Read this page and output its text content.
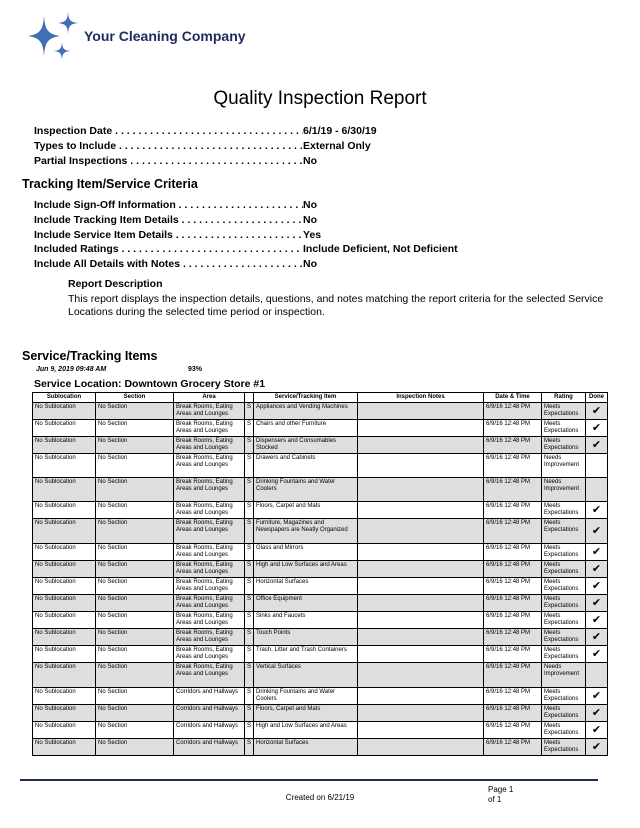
Your Cleaning Company
Quality Inspection Report
Inspection Date . . .	6/1/19 - 6/30/19
Types to Include . . .	External Only
Partial Inspections . . .	No
Tracking Item/Service Criteria
Include Sign-Off Information . . .	No
Include Tracking Item Details . . .	No
Include Service Item Details . . .	Yes
Included Ratings . . .	Include Deficient, Not Deficient
Include All Details with Notes . . .	No
Report Description
This report displays the inspection details, questions, and notes matching the report criteria for the selected Service Locations during the selected time period or inspection.
Service/Tracking Items
Jun 9, 2019 09:48 AM	93%
Service Location: Downtown Grocery Store #1
Sublocation	Section	Area		Service/Tracking Item	Inspection Notes	Date & Time	Rating	Done
No Sublocation	No Section	Break Rooms, Eating Areas and Lounges	S	Appliances and Vending Machines		6/9/16 12:48 PM	Meets Expectations	✔
No Sublocation	No Section	Break Rooms, Eating Areas and Lounges	S	Chairs and other Furniture		6/9/16 12:48 PM	Meets Expectations	✔
No Sublocation	No Section	Break Rooms, Eating Areas and Lounges	S	Dispensers and Consumables Stocked		6/9/16 12:48 PM	Meets Expectations	✔
No Sublocation	No Section	Break Rooms, Eating Areas and Lounges	S	Drawers and Cabinets		6/9/16 12:48 PM	Needs Improvement	
No Sublocation	No Section	Break Rooms, Eating Areas and Lounges	S	Drinking Fountains and Water Coolers		6/9/16 12:48 PM	Needs Improvement	
No Sublocation	No Section	Break Rooms, Eating Areas and Lounges	S	Floors, Carpet and Mats		6/9/16 12:48 PM	Meets Expectations	✔
No Sublocation	No Section	Break Rooms, Eating Areas and Lounges	S	Furniture, Magazines and Newspapers are Neatly Organized		6/9/16 12:48 PM	Meets Expectations	✔
No Sublocation	No Section	Break Rooms, Eating Areas and Lounges	S	Glass and Mirrors		6/9/16 12:48 PM	Meets Expectations	✔
No Sublocation	No Section	Break Rooms, Eating Areas and Lounges	S	High and Low Surfaces and Areas		6/9/16 12:48 PM	Meets Expectations	✔
No Sublocation	No Section	Break Rooms, Eating Areas and Lounges	S	Horizontal Surfaces		6/9/16 12:48 PM	Meets Expectations	✔
No Sublocation	No Section	Break Rooms, Eating Areas and Lounges	S	Office Equipment		6/9/16 12:48 PM	Meets Expectations	✔
No Sublocation	No Section	Break Rooms, Eating Areas and Lounges	S	Sinks and Faucets		6/9/16 12:48 PM	Meets Expectations	✔
No Sublocation	No Section	Break Rooms, Eating Areas and Lounges	S	Touch Points		6/9/16 12:48 PM	Meets Expectations	✔
No Sublocation	No Section	Break Rooms, Eating Areas and Lounges	S	Trash, Litter and Trash Containers		6/9/16 12:48 PM	Meets Expectations	✔
No Sublocation	No Section	Break Rooms, Eating Areas and Lounges	S	Vertical Surfaces		6/9/16 12:48 PM	Needs Improvement	
No Sublocation	No Section	Corridors and Hallways	S	Drinking Fountains and Water Coolers		6/9/16 12:48 PM	Meets Expectations	✔
No Sublocation	No Section	Corridors and Hallways	S	Floors, Carpet and Mats		6/9/16 12:48 PM	Meets Expectations	✔
No Sublocation	No Section	Corridors and Hallways	S	High and Low Surfaces and Areas		6/9/16 12:48 PM	Meets Expectations	✔
No Sublocation	No Section	Corridors and Hallways	S	Horizontal Surfaces		6/9/16 12:48 PM	Meets Expectations	✔
Created on 6/21/19
Page 1
of 1
